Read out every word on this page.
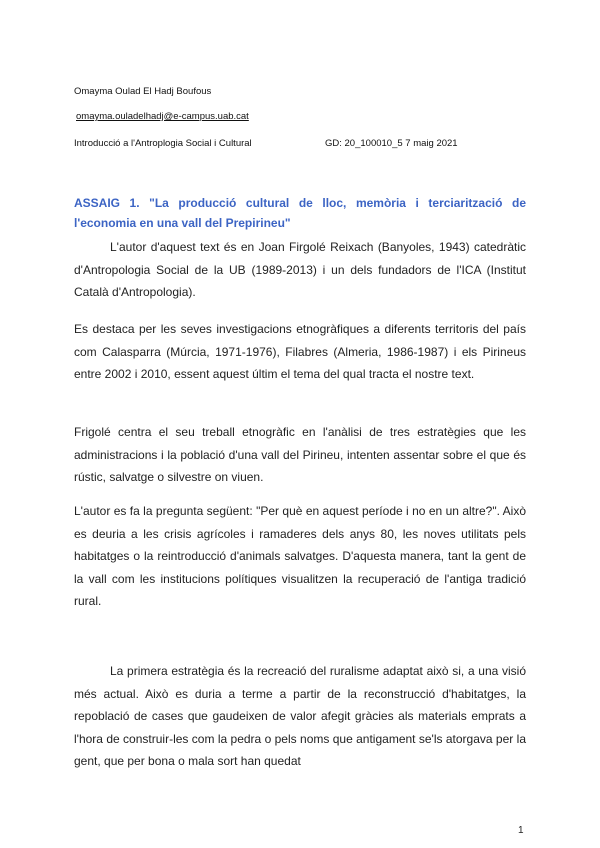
Omayma Oulad El Hadj Boufous
omayma.ouladelhadj@e-campus.uab.cat
Introducció a l'Antroplogia Social i Cultural	GD: 20_100010_5 7 maig 2021
ASSAIG 1. "La producció cultural de lloc, memòria i terciarització de l'economia en una vall del Prepirineu"

L'autor d'aquest text és en Joan Firgolé Reixach (Banyoles, 1943) catedràtic d'Antropologia Social de la UB (1989-2013) i un dels fundadors de l'ICA (Institut Català d'Antropologia).

Es destaca per les seves investigacions etnogràfiques a diferents territoris del país com Calasparra (Múrcia, 1971-1976), Filabres (Almeria, 1986-1987) i els Pirineus entre 2002 i 2010, essent aquest últim el tema del qual tracta el nostre text.

Frigolé centra el seu treball etnogràfic en l'anàlisi de tres estratègies que les administracions i la població d'una vall del Pirineu, intenten assentar sobre el que és rústic, salvatge o silvestre on viuen.

L'autor es fa la pregunta següent: "Per què en aquest període i no en un altre?". Això es deuria a les crisis agrícoles i ramaderes dels anys 80, les noves utilitats pels habitatges o la reintroducció d'animals salvatges. D'aquesta manera, tant la gent de la vall com les institucions polítiques visualitzen la recuperació de l'antiga tradició rural.

La primera estratègia és la recreació del ruralisme adaptat això si, a una visió més actual. Això es duria a terme a partir de la reconstrucció d'habitatges, la repoblació de cases que gaudeixen de valor afegit gràcies als materials emprats a l'hora de construir-les com la pedra o pels noms que antigament se'ls atorgava per la gent, que per bona o mala sort han quedat

1
